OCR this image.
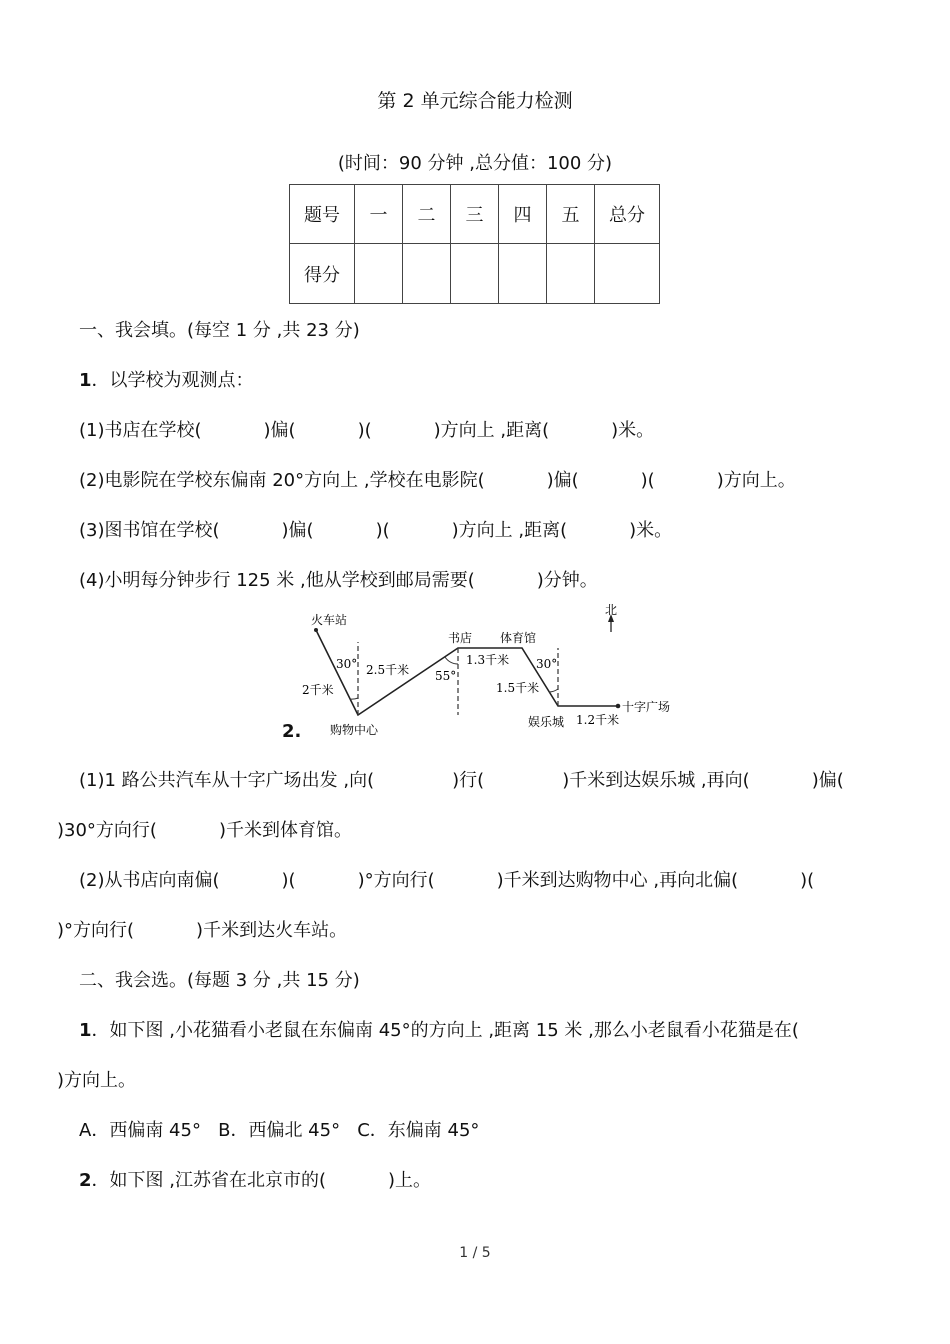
第 2 单元综合能力检测
(时间：90 分钟 ,总分值：100 分)
题号	一	二	三	四	五	总分
得分						
一、我会填。(每空 1 分 ,共 23 分)
1．以学校为观测点：
(1)书店在学校(	)偏(	)(	)方向上 ,距离(	)米。
(2)电影院在学校东偏南 20°方向上 ,学校在电影院(	)偏(	)(	)方向上。
(3)图书馆在学校(	)偏(	)(	)方向上 ,距离(	)米。
(4)小明每分钟步行 125 米 ,他从学校到邮局需要(	)分钟。
2.
北
火车站
购物中心
书店 体育馆
娱乐城
十字广场
30°
55°
30°
2千米
2.5千米
1.3千米
1.5千米
1.2千米
(1)1 路公共汽车从十字广场出发 ,向(	)行(	)千米到达娱乐城 ,再向(	)偏(
)30°方向行(	)千米到体育馆。
(2)从书店向南偏(	)(	)°方向行(	)千米到达购物中心 ,再向北偏(	)(
)°方向行(	)千米到达火车站。
二、我会选。(每题 3 分 ,共 15 分)
1．如下图 ,小花猫看小老鼠在东偏南 45°的方向上 ,距离 15 米 ,那么小老鼠看小花猫是在(
)方向上。
A．西偏南 45°   B．西偏北 45°   C．东偏南 45°
2．如下图 ,江苏省在北京市的(	)上。
1 / 5
